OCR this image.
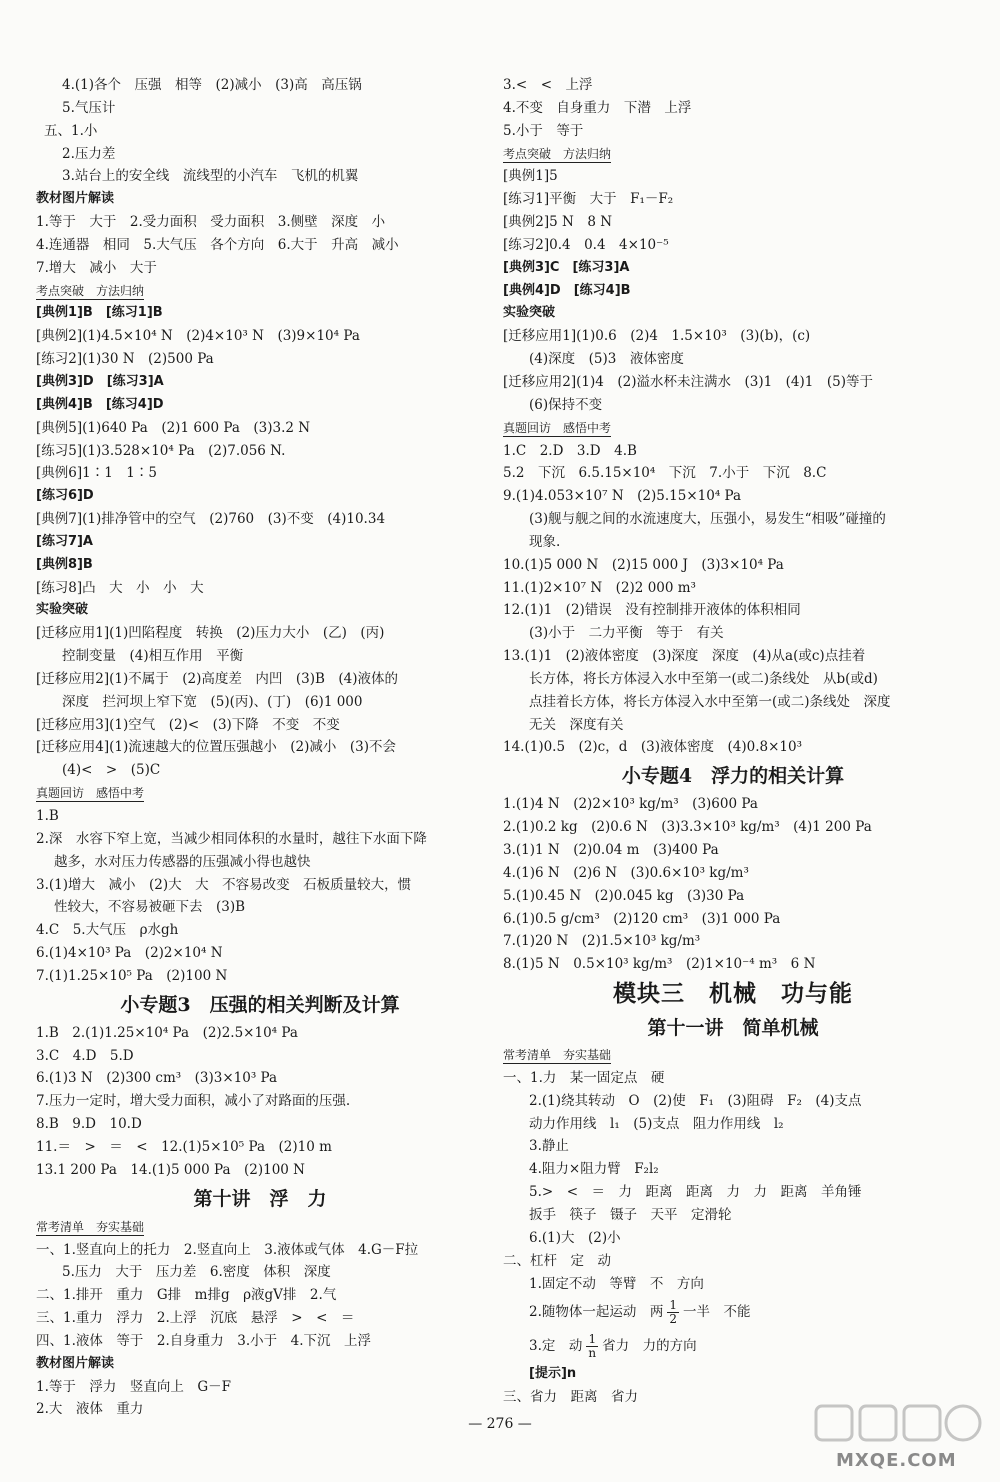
4.(1)各个　压强　相等　(2)减小　(3)高　高压锅
5.气压计
五、1.小
2.压力差
3.站台上的安全线　流线型的小汽车　飞机的机翼
教材图片解读
1.等于　大于　2.受力面积　受力面积　3.侧壁　深度　小
4.连通器　相同　5.大气压　各个方向　6.大于　升高　减小
7.增大　减小　大于
考点突破　方法归纳
[典例1]B　[练习1]B
[典例2](1)4.5×10⁴ N　(2)4×10³ N　(3)9×10⁴ Pa
[练习2](1)30 N　(2)500 Pa
[典例3]D　[练习3]A
[典例4]B　[练习4]D
[典例5](1)640 Pa　(2)1 600 Pa　(3)3.2 N
[练习5](1)3.528×10⁴ Pa　(2)7.056 N.
[典例6]1∶1　1∶5
[练习6]D
[典例7](1)排净管中的空气　(2)760　(3)不变　(4)10.34
[练习7]A
[典例8]B
[练习8]凸　大　小　小　大
实验突破
[迁移应用1](1)凹陷程度　转换　(2)压力大小　(乙)　(丙)
控制变量　(4)相互作用　平衡
[迁移应用2](1)不属于　(2)高度差　内凹　(3)B　(4)液体的
深度　拦河坝上窄下宽　(5)(丙)、(丁)　(6)1 000
[迁移应用3](1)空气　(2)<　(3)下降　不变　不变
[迁移应用4](1)流速越大的位置压强越小　(2)减小　(3)不会
(4)<　>　(5)C
真题回访　感悟中考
1.B
2.深　水容下窄上宽，当减少相同体积的水量时，越往下水面下降
越多，水对压力传感器的压强减小得也越快
3.(1)增大　减小　(2)大　大　不容易改变　石板质量较大，惯
性较大，不容易被砸下去　(3)B
4.C　5.大气压　ρ水gh
6.(1)4×10³ Pa　(2)2×10⁴ N
7.(1)1.25×10⁵ Pa　(2)100 N
小专题3　压强的相关判断及计算
1.B　2.(1)1.25×10⁴ Pa　(2)2.5×10⁴ Pa
3.C　4.D　5.D
6.(1)3 N　(2)300 cm³　(3)3×10³ Pa
7.压力一定时，增大受力面积，减小了对路面的压强.
8.B　9.D　10.D
11.＝　>　＝　<　12.(1)5×10⁵ Pa　(2)10 m
13.1 200 Pa　14.(1)5 000 Pa　(2)100 N
第十讲　浮　力
常考清单　夯实基础
一、1.竖直向上的托力　2.竖直向上　3.液体或气体　4.G－F拉
5.压力　大于　压力差　6.密度　体积　深度
二、1.排开　重力　G排　m排g　ρ液gV排　2.气
三、1.重力　浮力　2.上浮　沉底　悬浮　>　<　＝
四、1.液体　等于　2.自身重力　3.小于　4.下沉　上浮
教材图片解读
1.等于　浮力　竖直向上　G－F
2.大　液体　重力
3.<　<　上浮
4.不变　自身重力　下潜　上浮
5.小于　等于
考点突破　方法归纳
[典例1]5
[练习1]平衡　大于　F₁－F₂
[典例2]5 N　8 N
[练习2]0.4　0.4　4×10⁻⁵
[典例3]C　[练习3]A
[典例4]D　[练习4]B
实验突破
[迁移应用1](1)0.6　(2)4　1.5×10³　(3)(b)，(c)
(4)深度　(5)3　液体密度
[迁移应用2](1)4　(2)溢水杯未注满水　(3)1　(4)1　(5)等于
(6)保持不变
真题回访　感悟中考
1.C　2.D　3.D　4.B
5.2　下沉　6.5.15×10⁴　下沉　7.小于　下沉　8.C
9.(1)4.053×10⁷ N　(2)5.15×10⁴ Pa
(3)舰与舰之间的水流速度大，压强小，易发生“相吸”碰撞的
现象.
10.(1)5 000 N　(2)15 000 J　(3)3×10⁴ Pa
11.(1)2×10⁷ N　(2)2 000 m³
12.(1)1　(2)错误　没有控制排开液体的体积相同
(3)小于　二力平衡　等于　有关
13.(1)1　(2)液体密度　(3)深度　深度　(4)从a(或c)点挂着
长方体，将长方体浸入水中至第一(或二)条线处　从b(或d)
点挂着长方体，将长方体浸入水中至第一(或二)条线处　深度
无关　深度有关
14.(1)0.5　(2)c，d　(3)液体密度　(4)0.8×10³
小专题4　浮力的相关计算
1.(1)4 N　(2)2×10³ kg/m³　(3)600 Pa
2.(1)0.2 kg　(2)0.6 N　(3)3.3×10³ kg/m³　(4)1 200 Pa
3.(1)1 N　(2)0.04 m　(3)400 Pa
4.(1)6 N　(2)6 N　(3)0.6×10³ kg/m³
5.(1)0.45 N　(2)0.045 kg　(3)30 Pa
6.(1)0.5 g/cm³　(2)120 cm³　(3)1 000 Pa
7.(1)20 N　(2)1.5×10³ kg/m³
8.(1)5 N　0.5×10³ kg/m³　(2)1×10⁻⁴ m³　6 N
模块三　机械　功与能
第十一讲　简单机械
常考清单　夯实基础
一、1.力　某一固定点　硬
2.(1)绕其转动　O　(2)使　F₁　(3)阻碍　F₂　(4)支点
动力作用线　l₁　(5)支点　阻力作用线　l₂
3.静止
4.阻力×阻力臂　F₂l₂
5.>　<　＝　力　距离　距离　力　力　距离　羊角锤
扳手　筷子　镊子　天平　定滑轮
6.(1)大　(2)小
二、杠杆　定　动
1.固定不动　等臂　不　方向
2.随物体一起运动　两 $\frac{1}{2}$ 一半　不能
3.定　动 $\frac{1}{n}$ 省力　力的方向
[提示]n
三、省力　距离　省力
— 276 —
MXQE.COM
